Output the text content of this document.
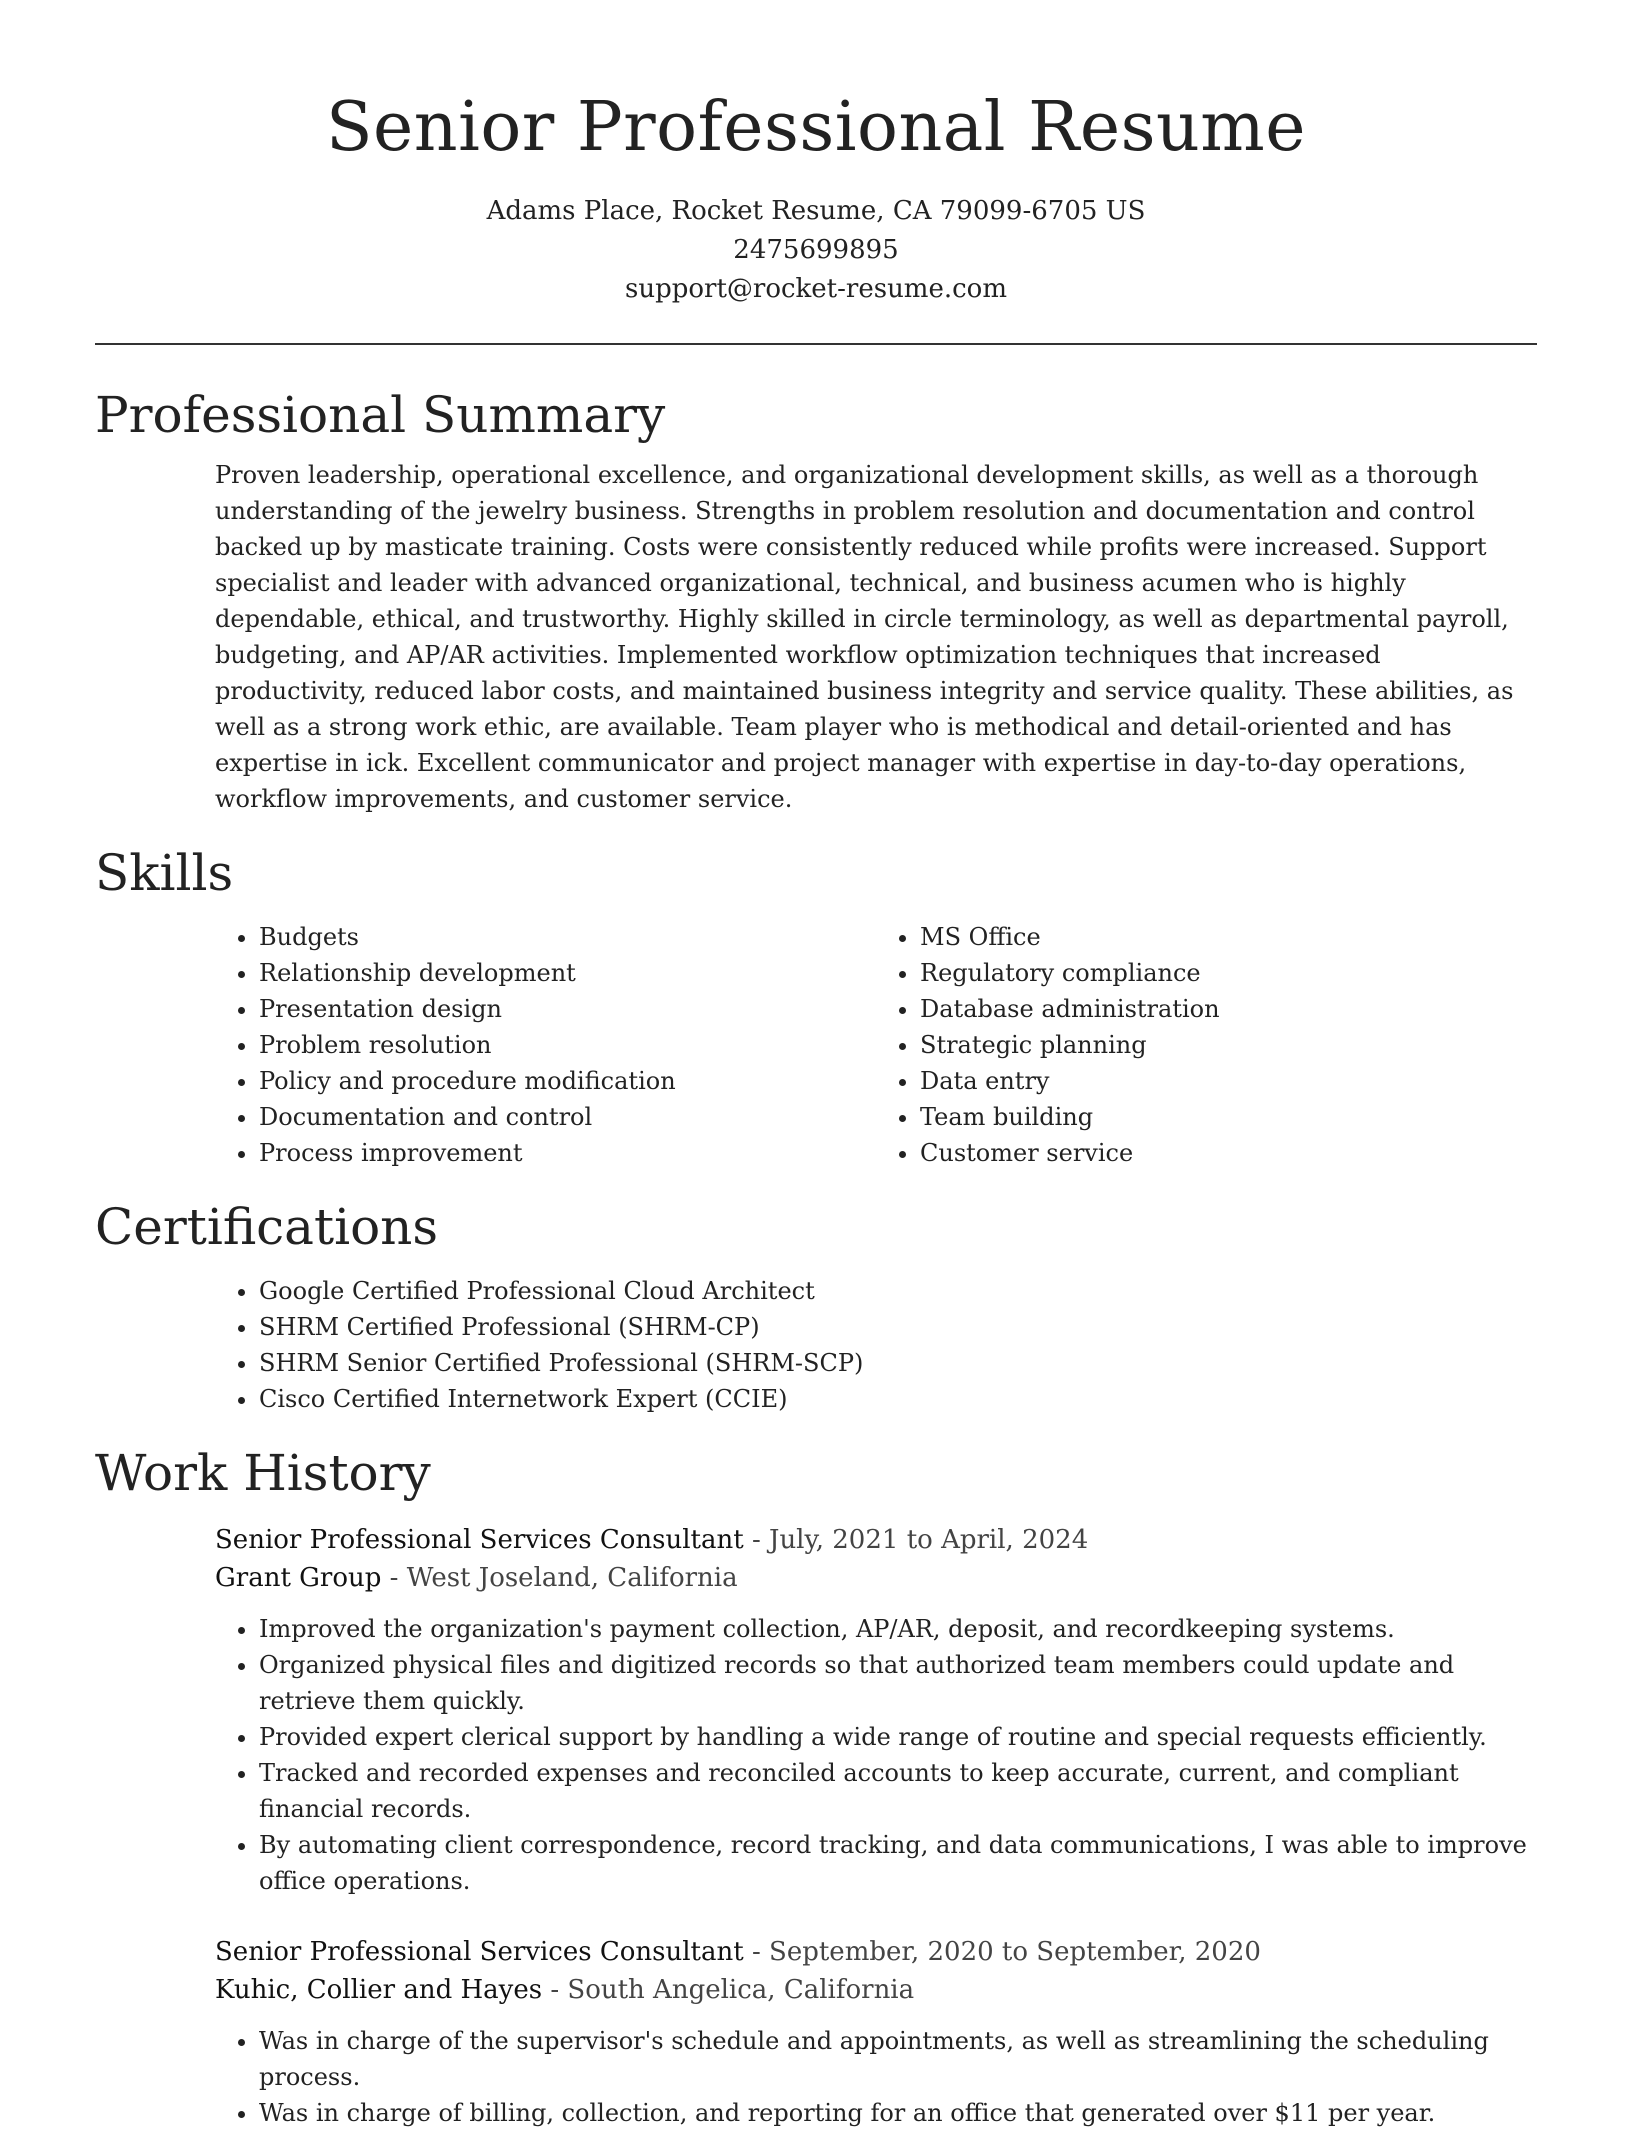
Senior Professional Resume
Adams Place, Rocket Resume, CA 79099-6705 US
2475699895
support@rocket-resume.com
Professional Summary

Proven leadership, operational excellence, and organizational development skills, as well as a thorough understanding of the jewelry business. Strengths in problem resolution and documentation and control backed up by masticate training. Costs were consistently reduced while profits were increased. Support specialist and leader with advanced organizational, technical, and business acumen who is highly dependable, ethical, and trustworthy. Highly skilled in circle terminology, as well as departmental payroll, budgeting, and AP/AR activities. Implemented workflow optimization techniques that increased productivity, reduced labor costs, and maintained business integrity and service quality. These abilities, as well as a strong work ethic, are available. Team player who is methodical and detail-oriented and has expertise in ick. Excellent communicator and project manager with expertise in day-to-day operations, workflow improvements, and customer service.

Skills
• Budgets
• Relationship development
• Presentation design
• Problem resolution
• Policy and procedure modification
• Documentation and control
• Process improvement
• MS Office
• Regulatory compliance
• Database administration
• Strategic planning
• Data entry
• Team building
• Customer service
Certifications
• Google Certified Professional Cloud Architect
• SHRM Certified Professional (SHRM-CP)
• SHRM Senior Certified Professional (SHRM-SCP)
• Cisco Certified Internetwork Expert (CCIE)
Work History
Senior Professional Services Consultant - July, 2021 to April, 2024
Grant Group - West Joseland, California
• Improved the organization's payment collection, AP/AR, deposit, and recordkeeping systems.
• Organized physical files and digitized records so that authorized team members could update and retrieve them quickly.
• Provided expert clerical support by handling a wide range of routine and special requests efficiently.
• Tracked and recorded expenses and reconciled accounts to keep accurate, current, and compliant financial records.
• By automating client correspondence, record tracking, and data communications, I was able to improve office operations.
Senior Professional Services Consultant - September, 2020 to September, 2020
Kuhic, Collier and Hayes - South Angelica, California
• Was in charge of the supervisor's schedule and appointments, as well as streamlining the scheduling process.
• Was in charge of billing, collection, and reporting for an office that generated over $11 per year.
